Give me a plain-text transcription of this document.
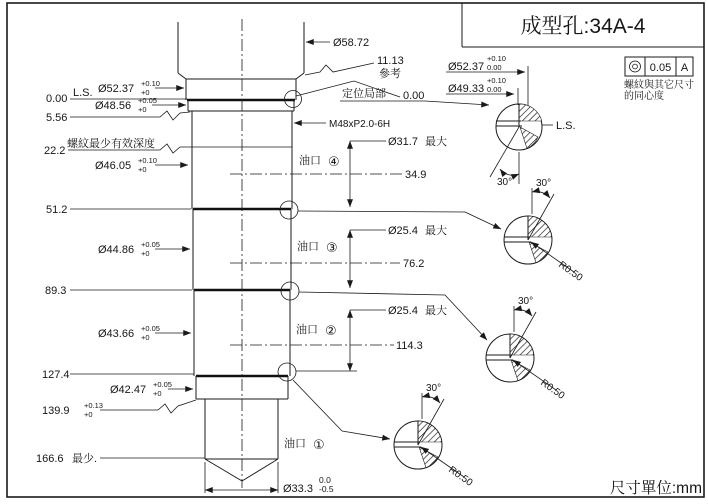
R0.50	成型孔:34A-4
尺寸單位:mm
0.05 A
螺紋與其它尺寸
的同心度
0.00 L.S. Ø52.37 +0.10
+0
Ø48.56 +0.05
+0
5.56
螺紋最少有效深度
22.2
Ø46.05 +0.10
+0
51.2
Ø44.86 +0.05
+0
89.3
Ø43.66 +0.05
+0
127.4
Ø42.47 +0.05
+0
139.9 +0.13
+0
166.6 最少.
Ø58.72
11.13
參考
定位局部 0.00
M48xP2.0-6H
Ø31.7 最大
油口 ④
34.9
Ø25.4 最大
油口 ③
76.2
Ø25.4 最大
油口 ②
114.3
油口 ①
Ø33.3
0.0
-0.5
Ø52.37
+0.10
0.00
Ø49.33
+0.10
0.00
L.S.
30°
